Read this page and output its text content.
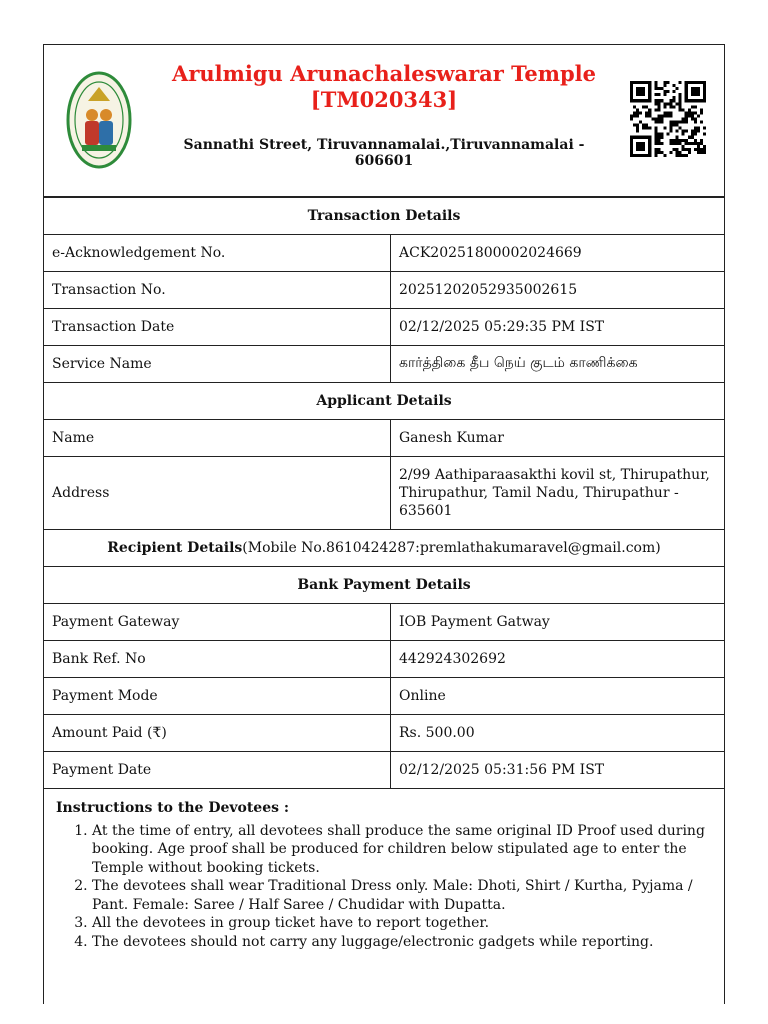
Arulmigu Arunachaleswarar Temple
[TM020343]
Sannathi Street, Tiruvannamalai.,Tiruvannamalai - 606601
Transaction Details	
e-Acknowledgement No.	ACK20251800002024669
Transaction No.	20251202052935002615
Transaction Date	02/12/2025 05:29:35 PM IST
Service Name	கார்த்திகை தீப நெய் குடம் காணிக்கை
Applicant Details	
Name	Ganesh Kumar
Address	2/99 Aathiparaasakthi kovil st, Thirupathur, Thirupathur, Tamil Nadu, Thirupathur - 635601
Recipient Details(Mobile No.8610424287:premlathakumaravel@gmail.com)	
Bank Payment Details	
Payment Gateway	IOB Payment Gatway
Bank Ref. No	442924302692
Payment Mode	Online
Amount Paid (₹)	Rs. 500.00
Payment Date	02/12/2025 05:31:56 PM IST
Instructions to the Devotees :
1. At the time of entry, all devotees shall produce the same original ID Proof used during booking. Age proof shall be produced for children below stipulated age to enter the Temple without booking tickets.
2. The devotees shall wear Traditional Dress only. Male: Dhoti, Shirt / Kurtha, Pyjama / Pant. Female: Saree / Half Saree / Chudidar with Dupatta.
3. All the devotees in group ticket have to report together.
4. The devotees should not carry any luggage/electronic gadgets while reporting.
